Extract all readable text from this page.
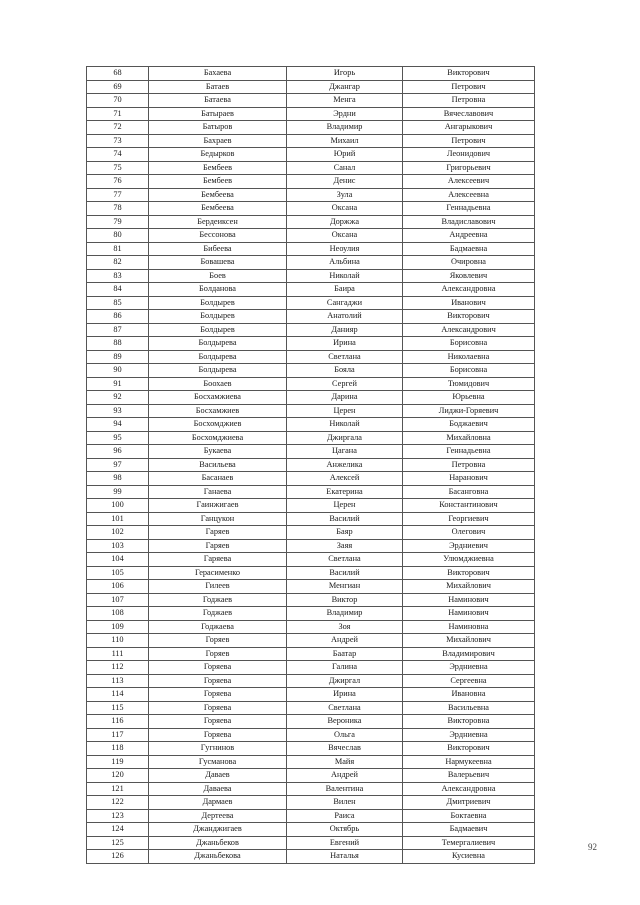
68	Бахаева	Игорь	Викторович
69	Батаев	Джангар	Петрович
70	Батаева	Менга	Петровна
71	Батыраев	Эрдни	Вячеславович
72	Батыров	Владимир	Ангарыкович
73	Бахраев	Михаил	Петрович
74	Бедырков	Юрий	Леонидович
75	Бембеев	Санал	Григорьевич
76	Бембеев	Денис	Алексеевич
77	Бембеева	Зула	Алексеевна
78	Бембеева	Оксана	Геннадьевна
79	Бердеиксен	Доржжа	Владиславович
80	Бессонова	Оксана	Андреевна
81	Бибеева	Неоулия	Бадмаевна
82	Бовашева	Альбина	Очировна
83	Боев	Николай	Яковлевич
84	Болданова	Баира	Александровна
85	Болдырев	Сангаджи	Иванович
86	Болдырев	Анатолий	Викторович
87	Болдырев	Данияр	Александрович
88	Болдырева	Ирина	Борисовна
89	Болдырева	Светлана	Николаевна
90	Болдырева	Бояла	Борисовна
91	Боохаев	Сергей	Тюмидович
92	Босхамжиева	Дарина	Юрьевна
93	Босхамжиев	Церен	Лиджи-Горяевич
94	Босхомджиев	Николай	Боджаевич
95	Босхомджиева	Джиргала	Михайловна
96	Букаева	Цагана	Геннадьевна
97	Васильева	Анжелика	Петровна
98	Басанаев	Алексей	Наранович
99	Ганаева	Екатерина	Басанговна
100	Гаинжигаев	Церен	Константинович
101	Ганцукон	Василий	Георгиевич
102	Гаряев	Баяр	Олегович
103	Гаряев	Заяя	Эрдниевич
104	Гаряева	Светлана	Улюмджиевна
105	Герасименко	Василий	Викторович
106	Гилеев	Менгиан	Михайлович
107	Годжаев	Виктор	Наминович
108	Годжаев	Владимир	Наминович
109	Годжаева	Зоя	Наминовна
110	Горяев	Андрей	Михайлович
111	Горяев	Баатар	Владимирович
112	Горяева	Галина	Эрдниевна
113	Горяева	Джиргал	Сергеевна
114	Горяева	Ирина	Ивановна
115	Горяева	Светлана	Васильевна
116	Горяева	Вероника	Викторовна
117	Горяева	Ольга	Эрдниевна
118	Гугнинов	Вячеслав	Викторович
119	Гусманова	Майя	Нармукеевна
120	Даваев	Андрей	Валерьевич
121	Даваева	Валентина	Александровна
122	Дармаев	Вилен	Дмитриевич
123	Дертеева	Раиса	Боктаевна
124	Джанджигаев	Октябрь	Бадмаевич
125	Джаньбеков	Евгений	Темергалиевич
126	Джаньбекова	Наталья	Кусиевна
92
